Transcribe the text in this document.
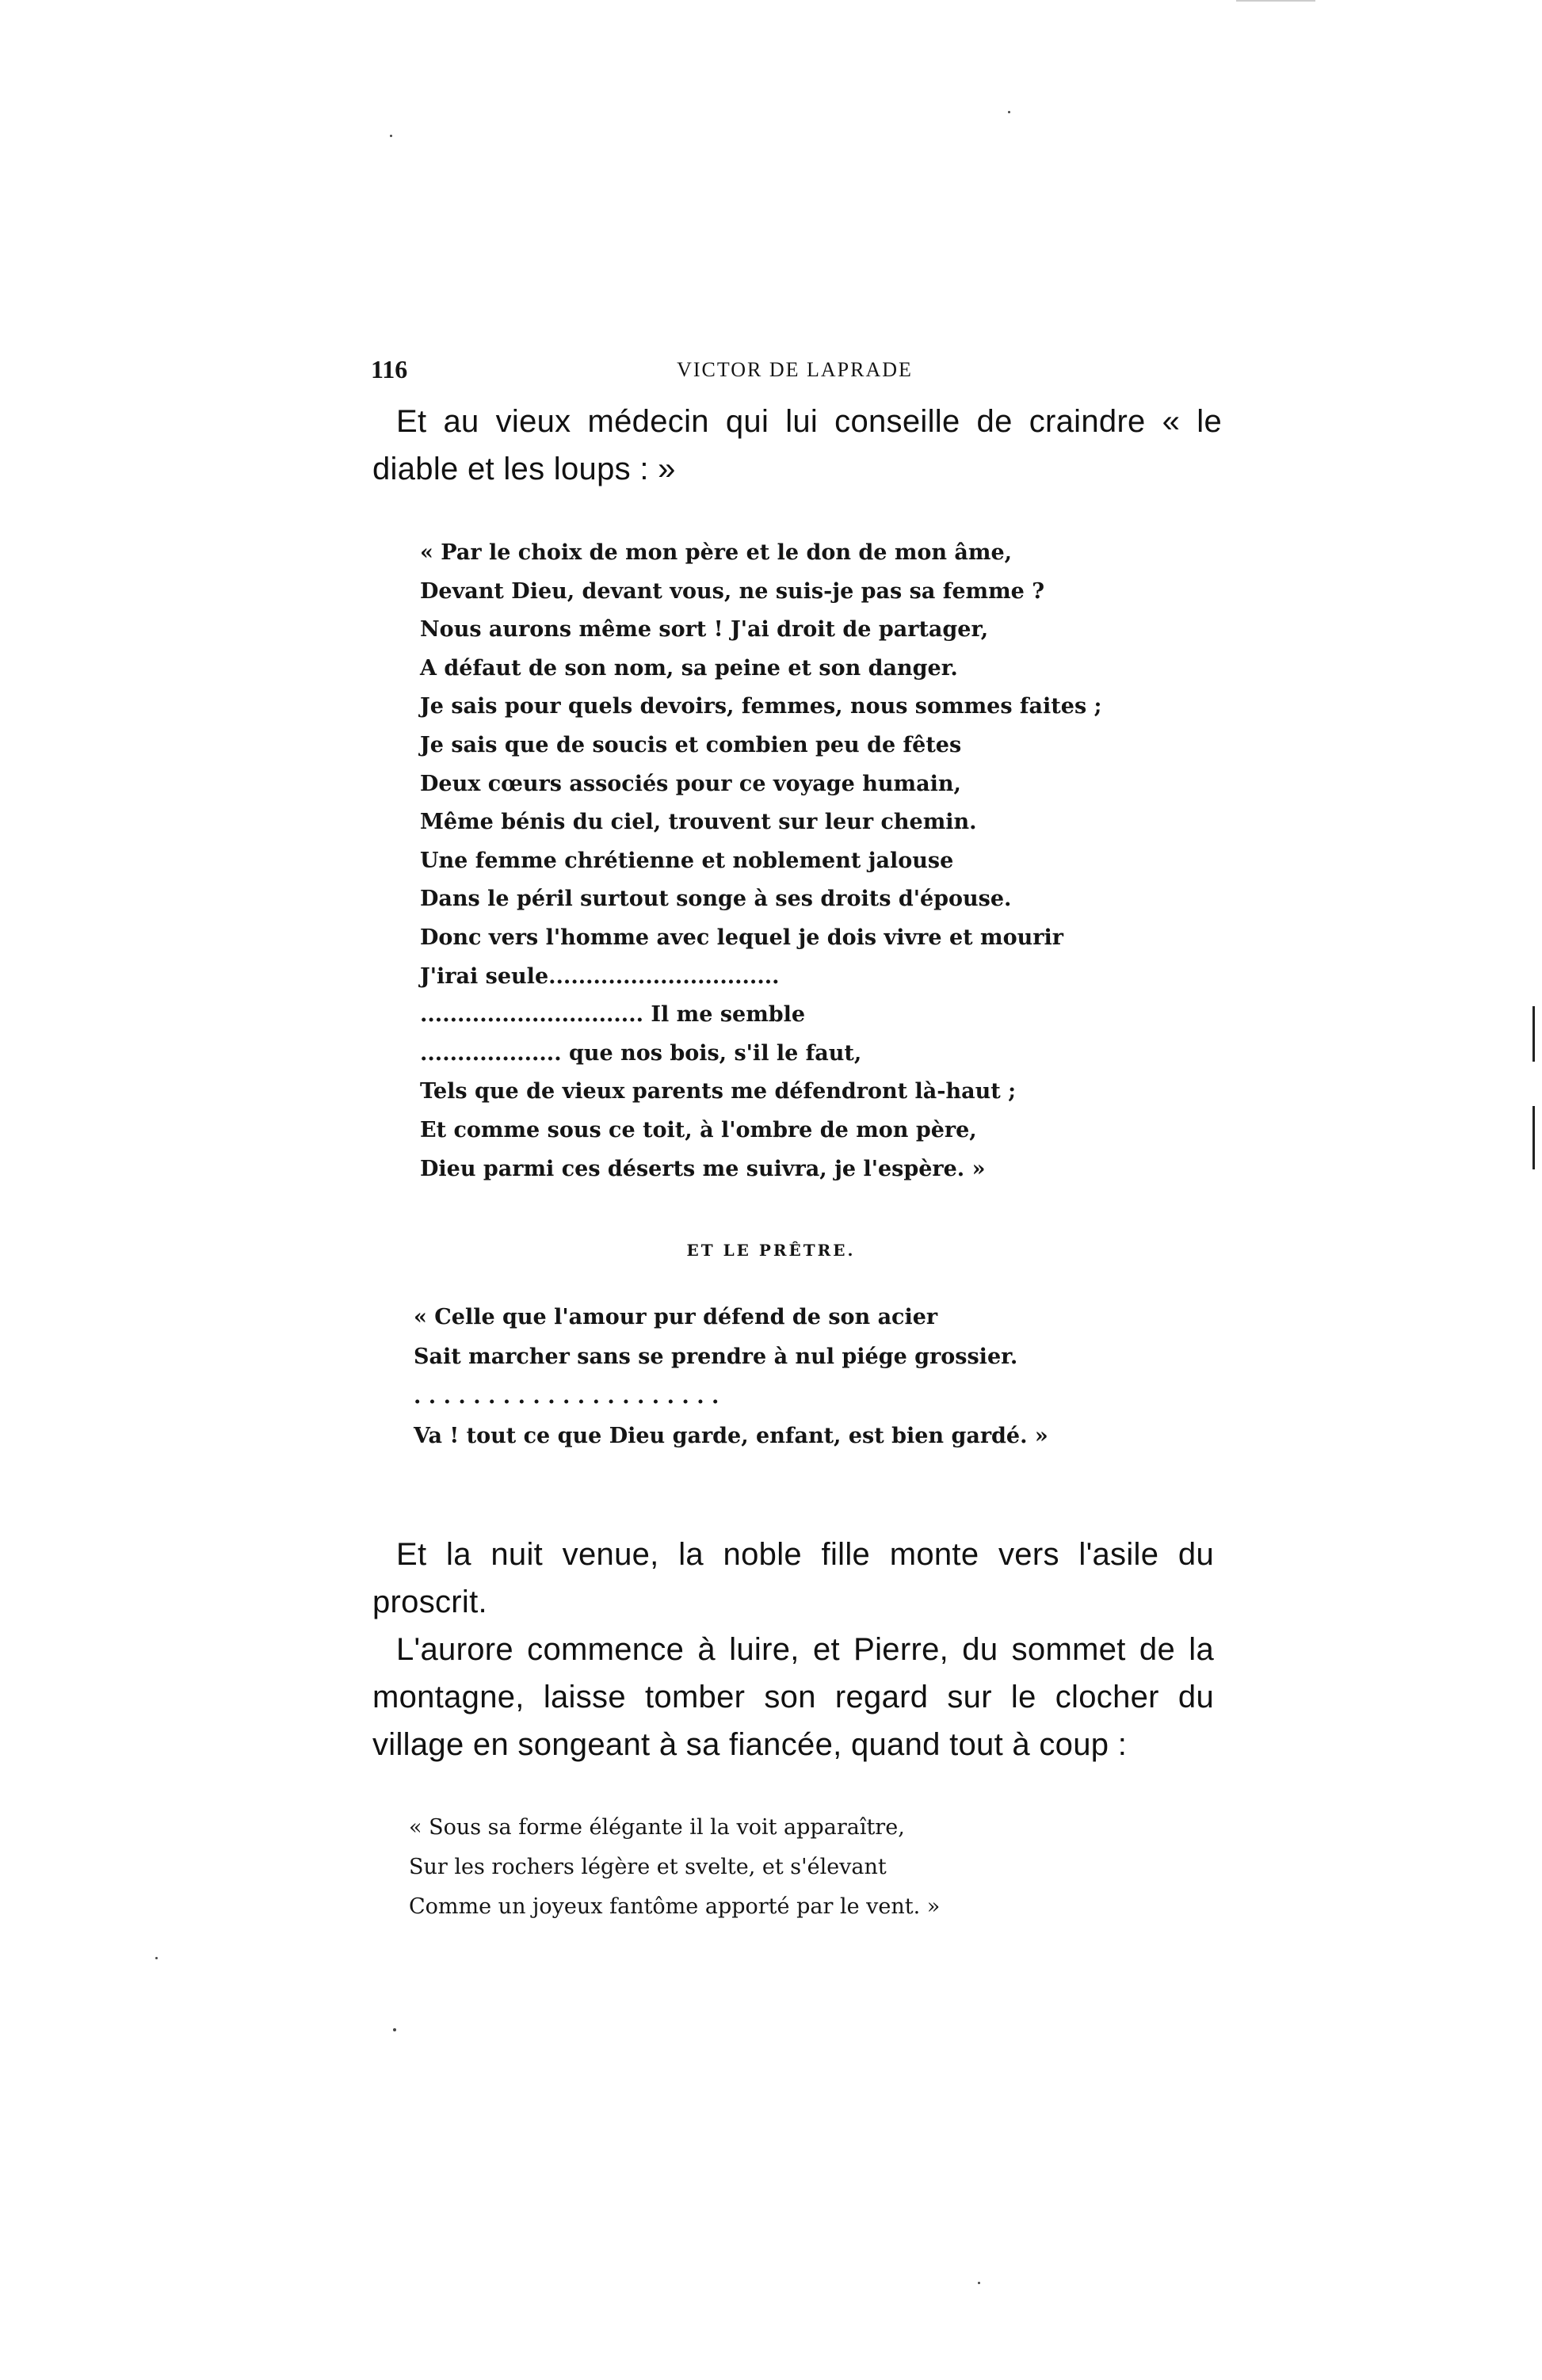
116	VICTOR DE LAPRADE

Et au vieux médecin qui lui conseille de craindre « le diable et les loups : »

« Par le choix de mon père et le don de mon âme,
Devant Dieu, devant vous, ne suis-je pas sa femme ?
Nous aurons même sort ! J'ai droit de partager,
A défaut de son nom, sa peine et son danger.
Je sais pour quels devoirs, femmes, nous sommes faites ;
Je sais que de soucis et combien peu de fêtes
Deux cœurs associés pour ce voyage humain,
Même bénis du ciel, trouvent sur leur chemin.
Une femme chrétienne et noblement jalouse
Dans le péril surtout songe à ses droits d'épouse.
Donc vers l'homme avec lequel je dois vivre et mourir
J'irai seule...............................
.............................. Il me semble
................... que nos bois, s'il le faut,
Tels que de vieux parents me défendront là-haut ;
Et comme sous ce toit, à l'ombre de mon père,
Dieu parmi ces déserts me suivra, je l'espère. »
ET LE PRÊTRE.
« Celle que l'amour pur défend de son acier
Sait marcher sans se prendre à nul piége grossier.
. . . . . . . . . . . . . . . . . . . . .
Va ! tout ce que Dieu garde, enfant, est bien gardé. »

Et la nuit venue, la noble fille monte vers l'asile du proscrit.

L'aurore commence à luire, et Pierre, du sommet de la montagne, laisse tomber son regard sur le clocher du village en songeant à sa fiancée, quand tout à coup :

« Sous sa forme élégante il la voit apparaître,
Sur les rochers légère et svelte, et s'élevant
Comme un joyeux fantôme apporté par le vent. »
